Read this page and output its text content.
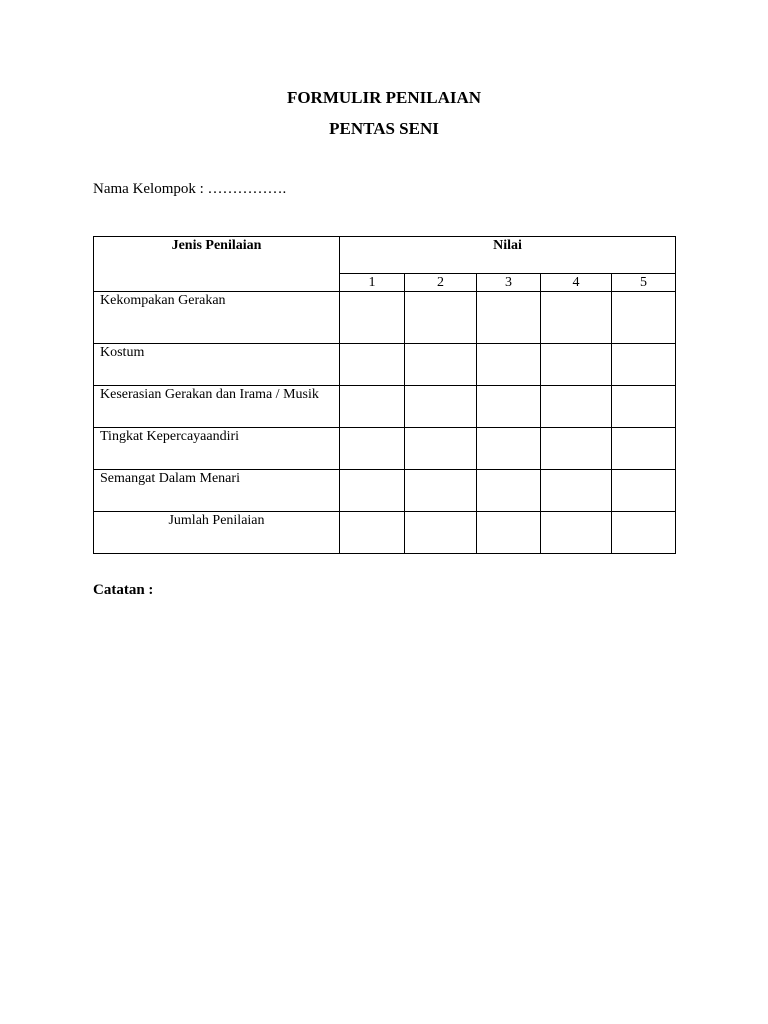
FORMULIR PENILAIAN
PENTAS SENI
Nama Kelompok : …………….
Jenis Penilaian	Nilai				
	1	2	3	4	5
Kekompakan Gerakan					
Kostum					
Keserasian Gerakan dan Irama / Musik					
Tingkat Kepercayaandiri					
Semangat Dalam Menari					
Jumlah Penilaian					
Catatan :
